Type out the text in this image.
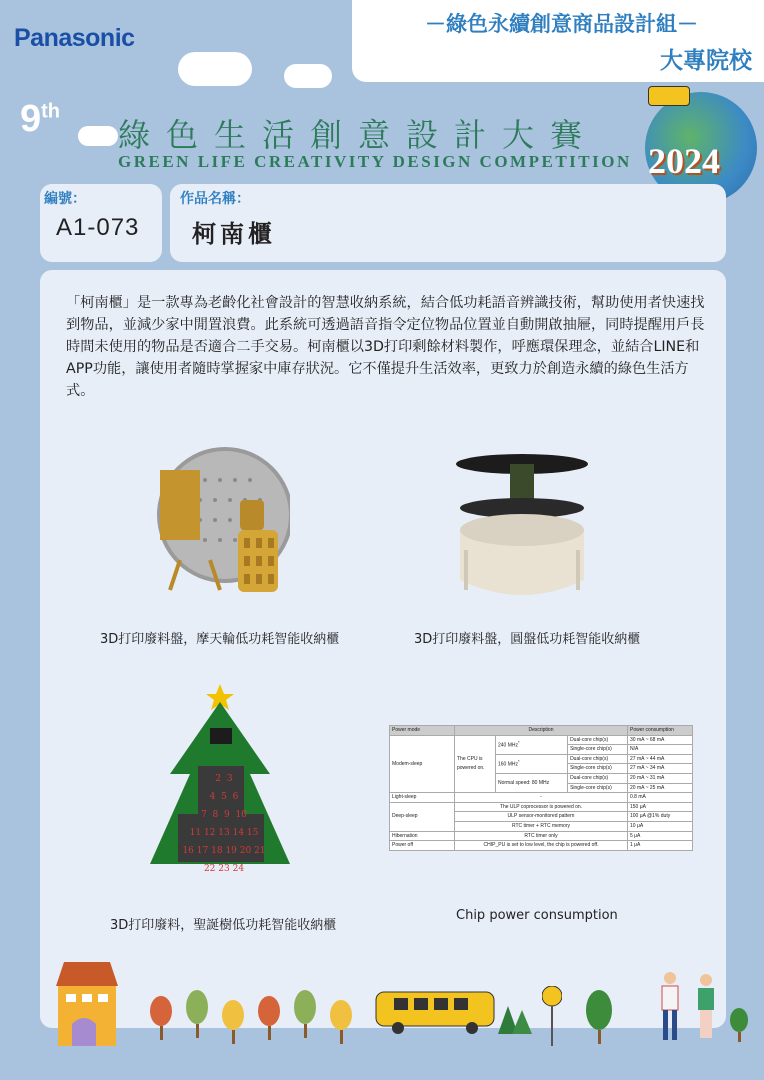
Panasonic	－綠色永續創意商品設計組－
大專院校
9th
綠色生活創意設計大賽
GREEN LIFE CREATIVITY DESIGN COMPETITION 2024
編號：
A1-073
作品名稱：
柯南櫃
「柯南櫃」是一款專為老齡化社會設計的智慧收納系統，結合低功耗語音辨識技術，幫助使用者快速找到物品，並減少家中閒置浪費。此系統可透過語音指令定位物品位置並自動開啟抽屜，同時提醒用戶長時間未使用的物品是否適合二手交易。柯南櫃以3D打印剩餘材料製作，呼應環保理念，並結合LINE和APP功能，讓使用者隨時掌握家中庫存狀況。它不僅提升生活效率，更致力於創造永續的綠色生活方式。
3D打印廢料盤，摩天輪低功耗智能收納櫃	3D打印廢料盤，圓盤低功耗智能收納櫃
2 3
4 5 6
7 8 9 10
11 12 13 14 15
16 17 18 19 20 21
22 23 24
3D打印廢料，聖誕樹低功耗智能收納櫃
Power mode	Description			Power consumption
Modem-sleep	The CPU is powered on.	240 MHz*	Dual-core chip(s)	30 mA ~ 68 mA
			Single-core chip(s)	N/A
		160 MHz*	Dual-core chip(s)	27 mA ~ 44 mA
			Single-core chip(s)	27 mA ~ 34 mA
		Normal speed: 80 MHz	Dual-core chip(s)	20 mA ~ 31 mA
			Single-core chip(s)	20 mA ~ 25 mA
Light-sleep	-			0.8 mA
Deep-sleep	The ULP coprocessor is powered on.			150 μA
	ULP sensor-monitored pattern			100 μA @1% duty
	RTC timer + RTC memory			10 μA
Hibernation	RTC timer only			5 μA
Power off	CHIP_PU is set to low level, the chip is powered off.			1 μA
Chip power consumption
